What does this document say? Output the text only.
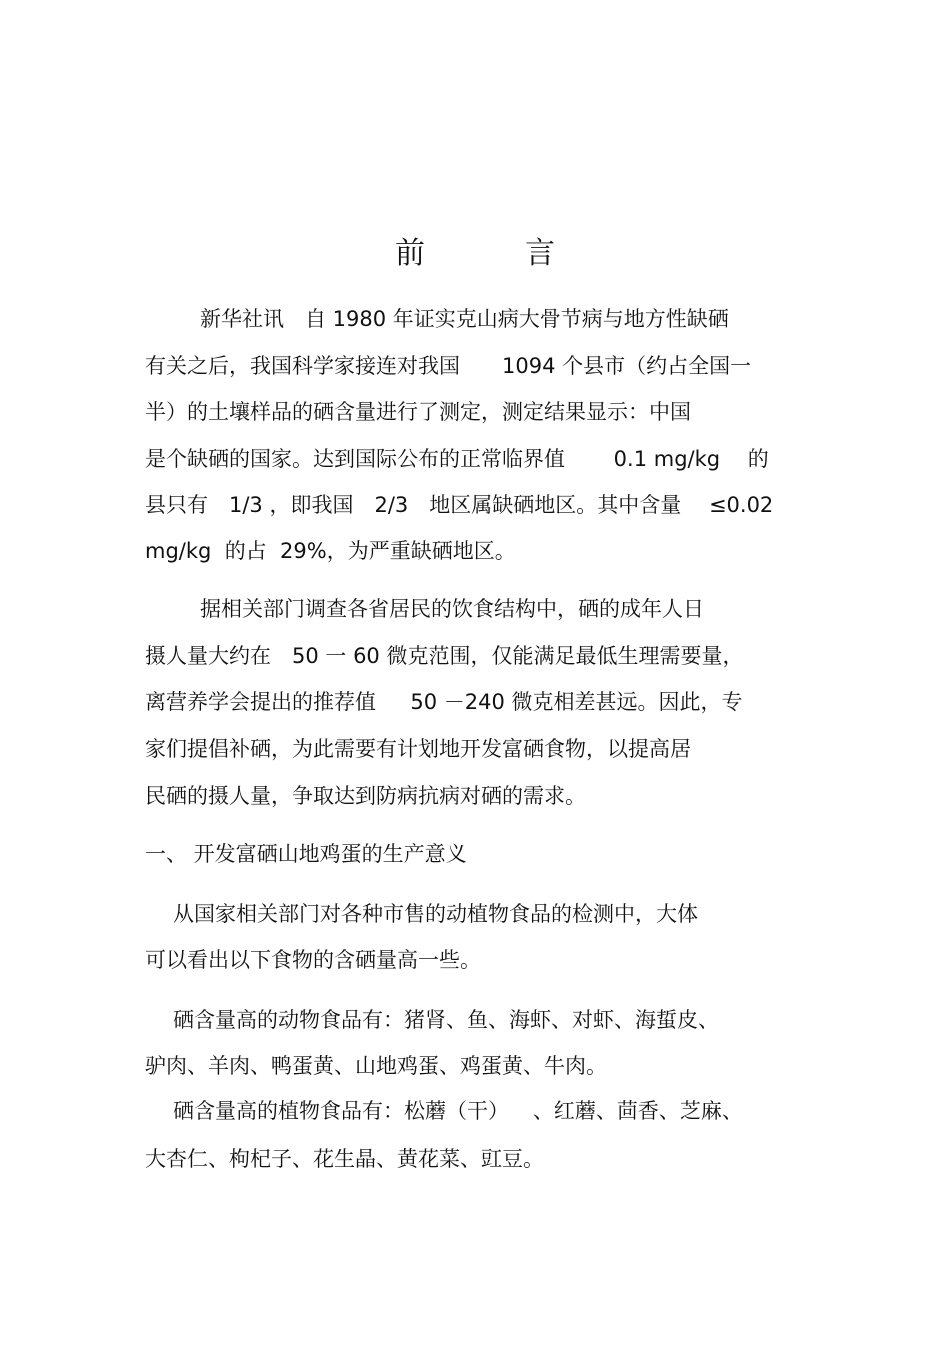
前	言
新华社讯　自 1980 年证实克山病大骨节病与地方性缺硒
有关之后，我国科学家接连对我国　　1094 个县市（约占全国一
半）的土壤样品的硒含量进行了测定，测定结果显示：中国
是个缺硒的国家。达到国际公布的正常临界值　　 0.1 mg/kg 　的
县只有　1/3 ，即我国　2/3　地区属缺硒地区。其中含量　 ≤0.02
mg/kg  的占  29%，为严重缺硒地区。
据相关部门调查各省居民的饮食结构中，硒的成年人日
摄人量大约在　50 一 60 微克范围，仅能满足最低生理需要量，
离营养学会提出的推荐值　  50 －240 微克相差甚远。因此，专
家们提倡补硒，为此需要有计划地开发富硒食物，以提高居
民硒的摄人量，争取达到防病抗病对硒的需求。
一、 开发富硒山地鸡蛋的生产意义
从国家相关部门对各种市售的动植物食品的检测中，大体
可以看出以下食物的含硒量高一些。
硒含量高的动物食品有：猪肾、鱼、海虾、对虾、海蜇皮、
驴肉、羊肉、鸭蛋黄、山地鸡蛋、鸡蛋黄、牛肉。
硒含量高的植物食品有：松蘑（干）　  、红蘑、茴香、芝麻、
大杏仁、枸杞子、花生晶、黄花菜、豇豆。
